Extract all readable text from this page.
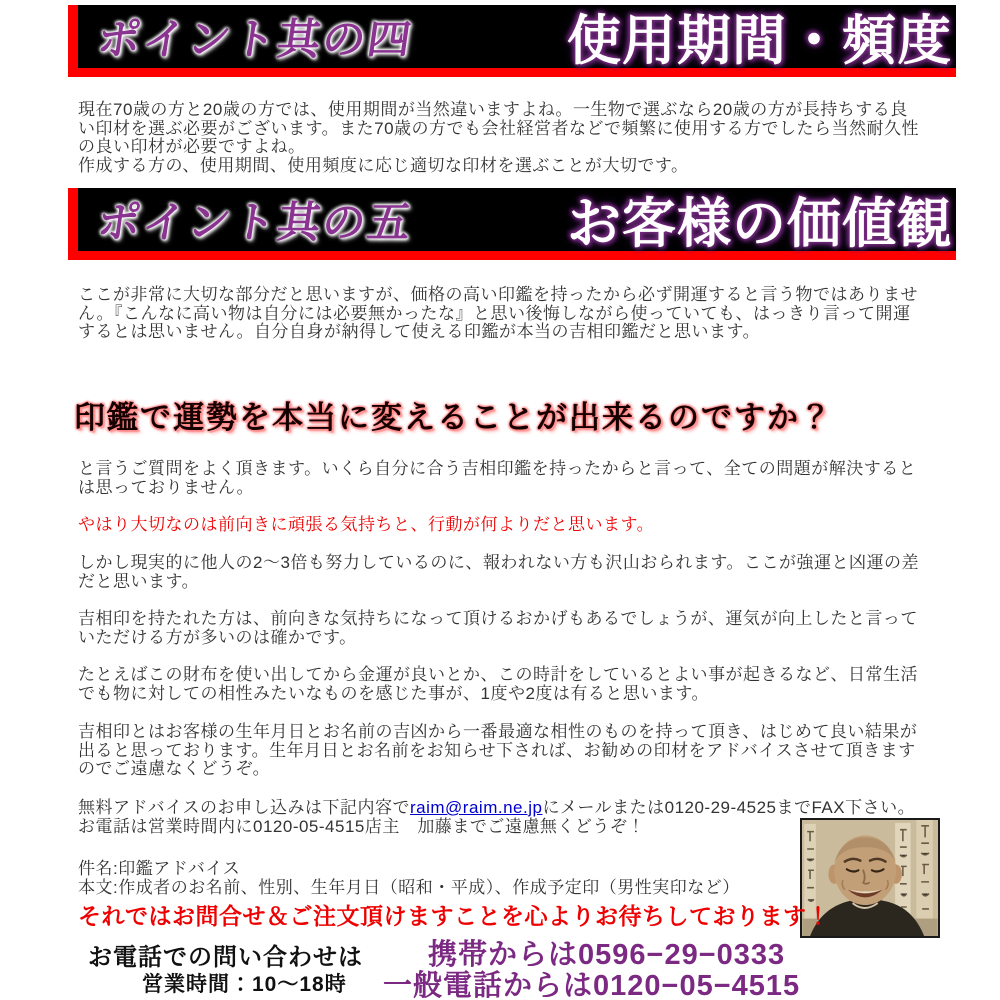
ポイント其の四	使用期間・頻度

現在70歳の方と20歳の方では、使用期間が当然違いますよね。一生物で選ぶなら20歳の方が長持ちする良い印材を選ぶ必要がございます。また70歳の方でも会社経営者などで頻繁に使用する方でしたら当然耐久性の良い印材が必要ですよね。
作成する方の、使用期間、使用頻度に応じ適切な印材を選ぶことが大切です。

ポイント其の五	お客様の価値観

ここが非常に大切な部分だと思いますが、価格の高い印鑑を持ったから必ず開運すると言う物ではありません。『こんなに高い物は自分には必要無かったな』と思い後悔しながら使っていても、はっきり言って開運するとは思いません。自分自身が納得して使える印鑑が本当の吉相印鑑だと思います。

印鑑で運勢を本当に変えることが出来るのですか？

と言うご質問をよく頂きます。いくら自分に合う吉相印鑑を持ったからと言って、全ての問題が解決するとは思っておりません。

やはり大切なのは前向きに頑張る気持ちと、行動が何よりだと思います。

しかし現実的に他人の2～3倍も努力しているのに、報われない方も沢山おられます。ここが強運と凶運の差だと思います。

吉相印を持たれた方は、前向きな気持ちになって頂けるおかげもあるでしょうが、運気が向上したと言っていただける方が多いのは確かです。

たとえばこの財布を使い出してから金運が良いとか、この時計をしているとよい事が起きるなど、日常生活でも物に対しての相性みたいなものを感じた事が、1度や2度は有ると思います。

吉相印とはお客様の生年月日とお名前の吉凶から一番最適な相性のものを持って頂き、はじめて良い結果が出ると思っております。生年月日とお名前をお知らせ下されば、お勧めの印材をアドバイスさせて頂きますのでご遠慮なくどうぞ。

無料アドバイスのお申し込みは下記内容でraim@raim.ne.jpにメールまたは0120-29-4525までFAX下さい。お電話は営業時間内に0120-05-4515店主　加藤までご遠慮無くどうぞ！

件名:印鑑アドバイス
本文:作成者のお名前、性別、生年月日（昭和・平成）、作成予定印（男性実印など）

それではお問合せ＆ご注文頂けますことを心よりお待ちしております！
お電話での問い合わせは
営業時間：10～18時
携帯からは0596−29−0333
一般電話からは0120−05−4515
